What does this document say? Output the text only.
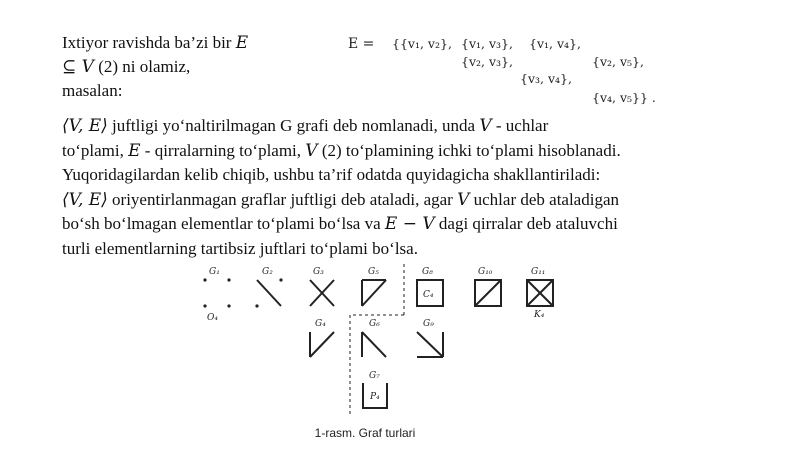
Ixtiyor ravishda ba’zi bir E
⊆ V (2) ni olamiz,
masalan:
E = {{v₁, v₂}, {v₁, v₃}, {v₁, v₄},
{v₂, v₃},	{v₂, v₅},
{v₃, v₄},
{v₄, v₅}} .
⟨V, E⟩ juftligi yo‘naltirilmagan G grafi deb nomlanadi, unda V - uchlar
to‘plami, E - qirralarning to‘plami, V (2) to‘plamining ichki to‘plami hisoblanadi.
Yuqoridagilardan kelib chiqib, ushbu ta’rif odatda quyidagicha shakllantiriladi:
⟨V, E⟩ oriyentirlanmagan graflar juftligi deb ataladi, agar V uchlar deb ataladigan
bo‘sh bo‘lmagan elementlar to‘plami bo‘lsa va E − V dagi qirralar deb ataluvchi
turli elementlarning tartibsiz juftlari to‘plami bo‘lsa.
G₁
O₄
G₂	G₃	G₅	G₈
C₄
G₁₀	G₁₁
K₄
G₄	G₆	G₉
G₇
P₄
1-rasm. Graf turlari
